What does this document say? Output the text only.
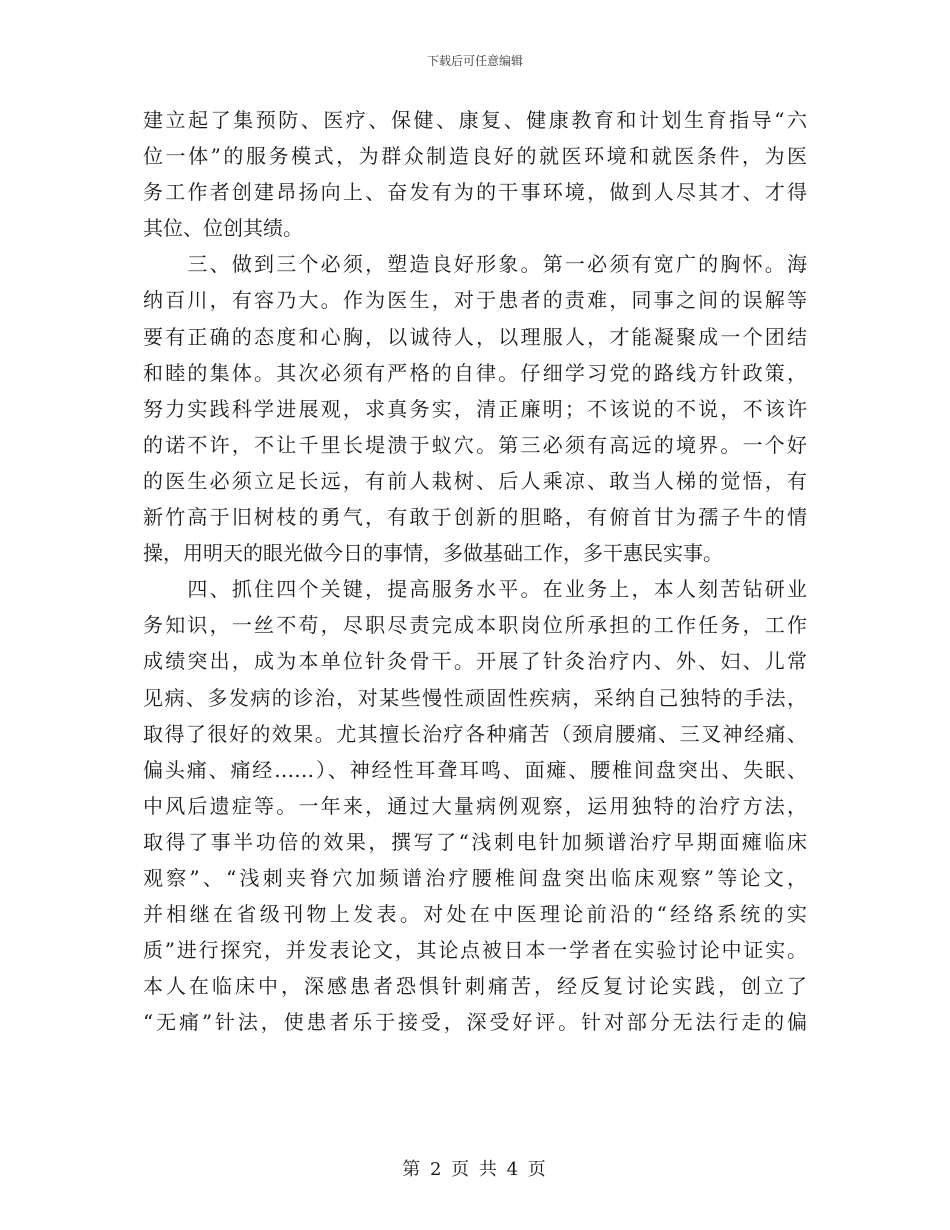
下载后可任意编辑
建立起了集预防、医疗、保健、康复、健康教育和计划生育指导“六
位一体”的服务模式，为群众制造良好的就医环境和就医条件，为医
务工作者创建昂扬向上、奋发有为的干事环境，做到人尽其才、才得
其位、位创其绩。
　　三、做到三个必须，塑造良好形象。第一必须有宽广的胸怀。海
纳百川，有容乃大。作为医生，对于患者的责难，同事之间的误解等
要有正确的态度和心胸，以诚待人，以理服人，才能凝聚成一个团结
和睦的集体。其次必须有严格的自律。仔细学习党的路线方针政策，
努力实践科学进展观，求真务实，清正廉明；不该说的不说，不该许
的诺不许，不让千里长堤溃于蚁穴。第三必须有高远的境界。一个好
的医生必须立足长远，有前人栽树、后人乘凉、敢当人梯的觉悟，有
新竹高于旧树枝的勇气，有敢于创新的胆略，有俯首甘为孺子牛的情
操，用明天的眼光做今日的事情，多做基础工作，多干惠民实事。
　　四、抓住四个关键，提高服务水平。在业务上，本人刻苦钻研业
务知识，一丝不苟，尽职尽责完成本职岗位所承担的工作任务，工作
成绩突出，成为本单位针灸骨干。开展了针灸治疗内、外、妇、儿常
见病、多发病的诊治，对某些慢性顽固性疾病，采纳自己独特的手法，
取得了很好的效果。尤其擅长治疗各种痛苦（颈肩腰痛、三叉神经痛、
偏头痛、痛经……）、神经性耳聋耳鸣、面瘫、腰椎间盘突出、失眠、
中风后遗症等。一年来，通过大量病例观察，运用独特的治疗方法，
取得了事半功倍的效果，撰写了“浅刺电针加频谱治疗早期面瘫临床
观察”、“浅刺夹脊穴加频谱治疗腰椎间盘突出临床观察”等论文，
并相继在省级刊物上发表。对处在中医理论前沿的“经络系统的实
质”进行探究，并发表论文，其论点被日本一学者在实验讨论中证实。
本人在临床中，深感患者恐惧针刺痛苦，经反复讨论实践，创立了
“无痛”针法，使患者乐于接受，深受好评。针对部分无法行走的偏
第 2 页 共 4 页
